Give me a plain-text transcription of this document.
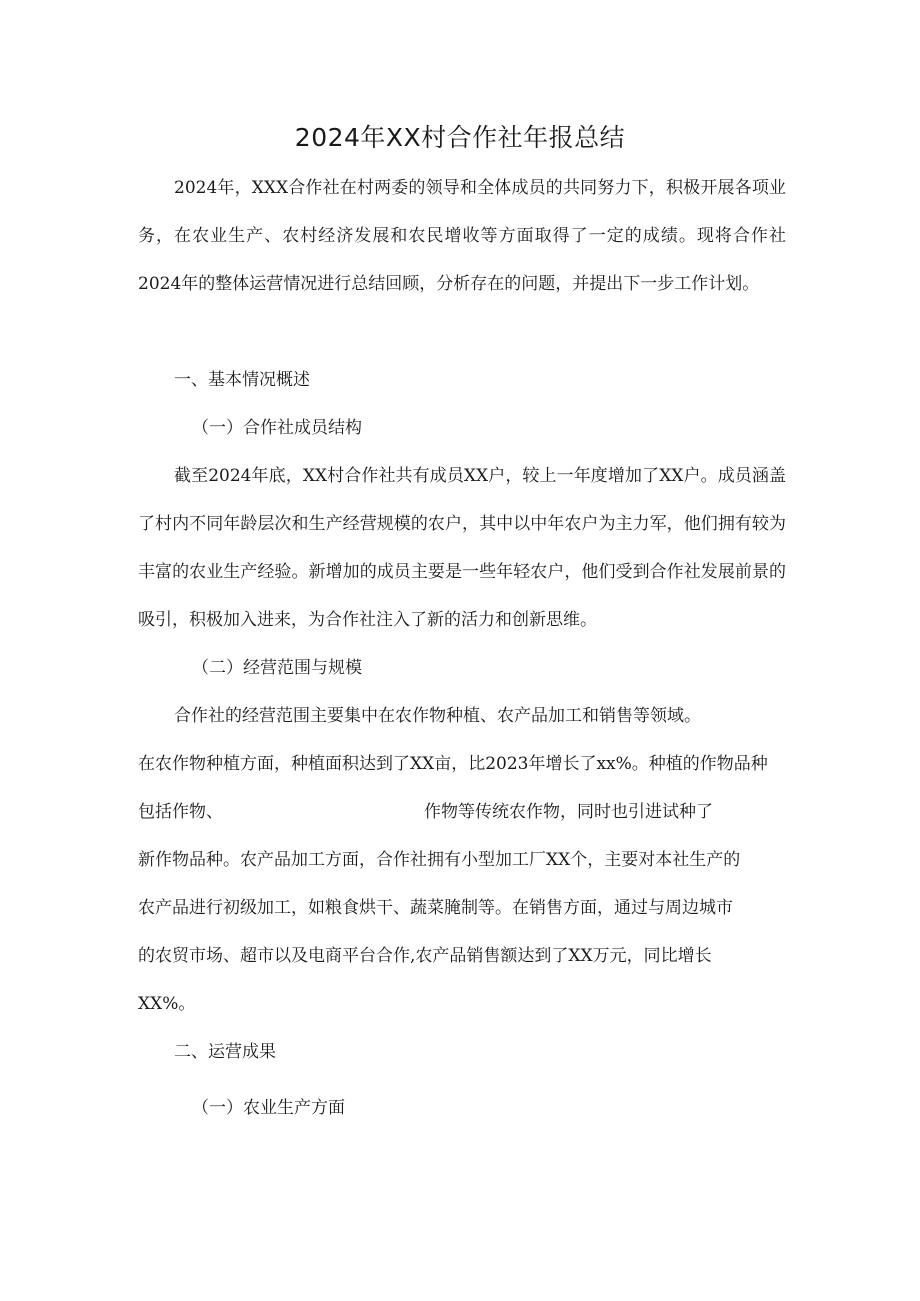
2024年XX村合作社年报总结
2024年，XXX合作社在村两委的领导和全体成员的共同努力下，积极开展各项业务，在农业生产、农村经济发展和农民增收等方面取得了一定的成绩。现将合作社2024年的整体运营情况进行总结回顾，分析存在的问题，并提出下一步工作计划。
一、基本情况概述
（一）合作社成员结构
截至2024年底，XX村合作社共有成员XX户，较上一年度增加了XX户。成员涵盖了村内不同年龄层次和生产经营规模的农户，其中以中年农户为主力军，他们拥有较为丰富的农业生产经验。新增加的成员主要是一些年轻农户，他们受到合作社发展前景的吸引，积极加入进来，为合作社注入了新的活力和创新思维。
（二）经营范围与规模
合作社的经营范围主要集中在农作物种植、农产品加工和销售等领域。
在农作物种植方面，种植面积达到了XX亩，比2023年增长了xx%。种植的作物品种
包括作物、	作物等传统农作物，同时也引进试种了
新作物品种。农产品加工方面，合作社拥有小型加工厂XX个，主要对本社生产的
农产品进行初级加工，如粮食烘干、蔬菜腌制等。在销售方面，通过与周边城市
的农贸市场、超市以及电商平台合作,农产品销售额达到了XX万元，同比增长
XX%。
二、运营成果
（一）农业生产方面
